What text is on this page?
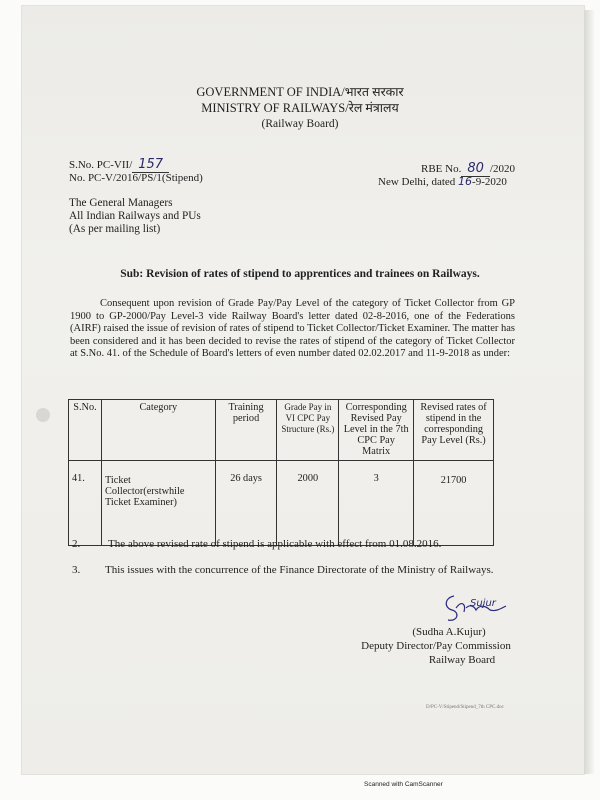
GOVERNMENT OF INDIA/भारत सरकार
MINISTRY OF RAILWAYS/रेल मंत्रालय
(Railway Board)
S.No. PC-VII/ 157
No. PC-V/2016/PS/1(Stipend)
RBE No. 80 /2020
New Delhi, dated 16-9-2020
The General Managers
All Indian Railways and PUs
(As per mailing list)
Sub: Revision of rates of stipend to apprentices and trainees on Railways.
Consequent upon revision of Grade Pay/Pay Level of the category of Ticket Collector from GP 1900 to GP-2000/Pay Level-3 vide Railway Board's letter dated 02-8-2016, one of the Federations (AIRF) raised the issue of revision of rates of stipend to Ticket Collector/Ticket Examiner. The matter has been considered and it has been decided to revise the rates of stipend of the category of Ticket Collector at S.No. 41. of the Schedule of Board's letters of even number dated 02.02.2017 and 11-9-2018 as under:
S.No.	Category	Training period	Grade Pay in VI CPC Pay Structure (Rs.)	Corresponding Revised Pay Level in the 7th CPC Pay Matrix	Revised rates of stipend in the corresponding Pay Level (Rs.)
41.	Ticket Collector(erstwhile Ticket Examiner)	26 days	2000	3	21700
2.	The above revised rate of stipend is applicable with effect from 01.08.2016.
3. This issues with the concurrence of the Finance Directorate of the Ministry of Railways.
Sujur
(Sudha A.Kujur)
Deputy Director/Pay Commission
Railway Board
D/PC-V/Stipend/Stipend_7th CPC.doc
Scanned with CamScanner
